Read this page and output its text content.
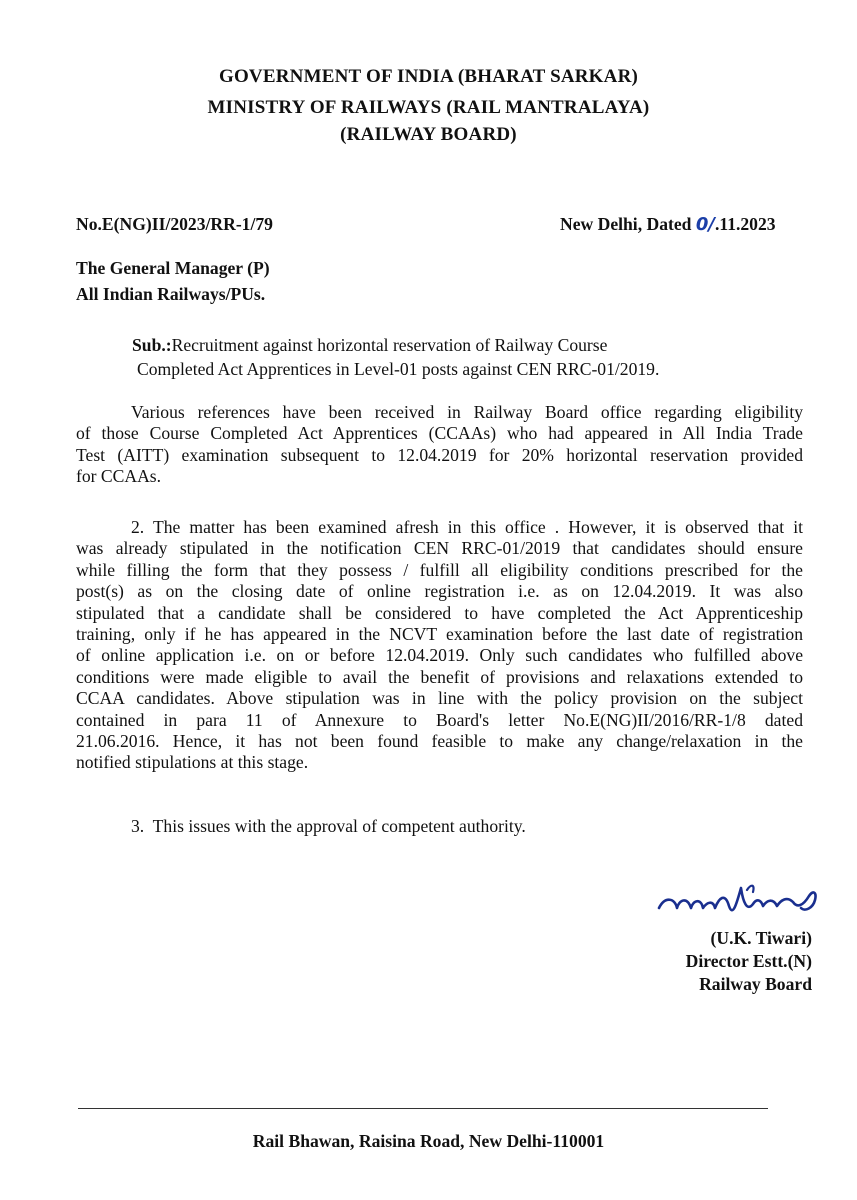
GOVERNMENT OF INDIA (BHARAT SARKAR)
MINISTRY OF RAILWAYS (RAIL MANTRALAYA)
(RAILWAY BOARD)
No.E(NG)II/2023/RR-1/79	New Delhi, Dated 0/.11.2023
The General Manager (P)
All Indian Railways/PUs.
Sub.:Recruitment against horizontal reservation of Railway Course
Completed Act Apprentices in Level-01 posts against CEN RRC-01/2019.
Various references have been received in Railway Board office regarding eligibility
of those Course Completed Act Apprentices (CCAAs) who had appeared in All India Trade
Test (AITT) examination subsequent to 12.04.2019 for 20% horizontal reservation provided
for CCAAs.
2. The matter has been examined afresh in this office . However, it is observed that it
was already stipulated in the notification CEN RRC-01/2019 that candidates should ensure
while filling the form that they possess / fulfill all eligibility conditions prescribed for the
post(s) as on the closing date of online registration i.e. as on 12.04.2019. It was also
stipulated that a candidate shall be considered to have completed the Act Apprenticeship
training, only if he has appeared in the NCVT examination before the last date of registration
of online application i.e. on or before 12.04.2019. Only such candidates who fulfilled above
conditions were made eligible to avail the benefit of provisions and relaxations extended to
CCAA candidates. Above stipulation was in line with the policy provision on the subject
contained in para 11 of Annexure to Board's letter No.E(NG)II/2016/RR-1/8 dated
21.06.2016. Hence, it has not been found feasible to make any change/relaxation in the
notified stipulations at this stage.
3.  This issues with the approval of competent authority.
(U.K. Tiwari)
Director Estt.(N)
Railway Board
Rail Bhawan, Raisina Road, New Delhi-110001
